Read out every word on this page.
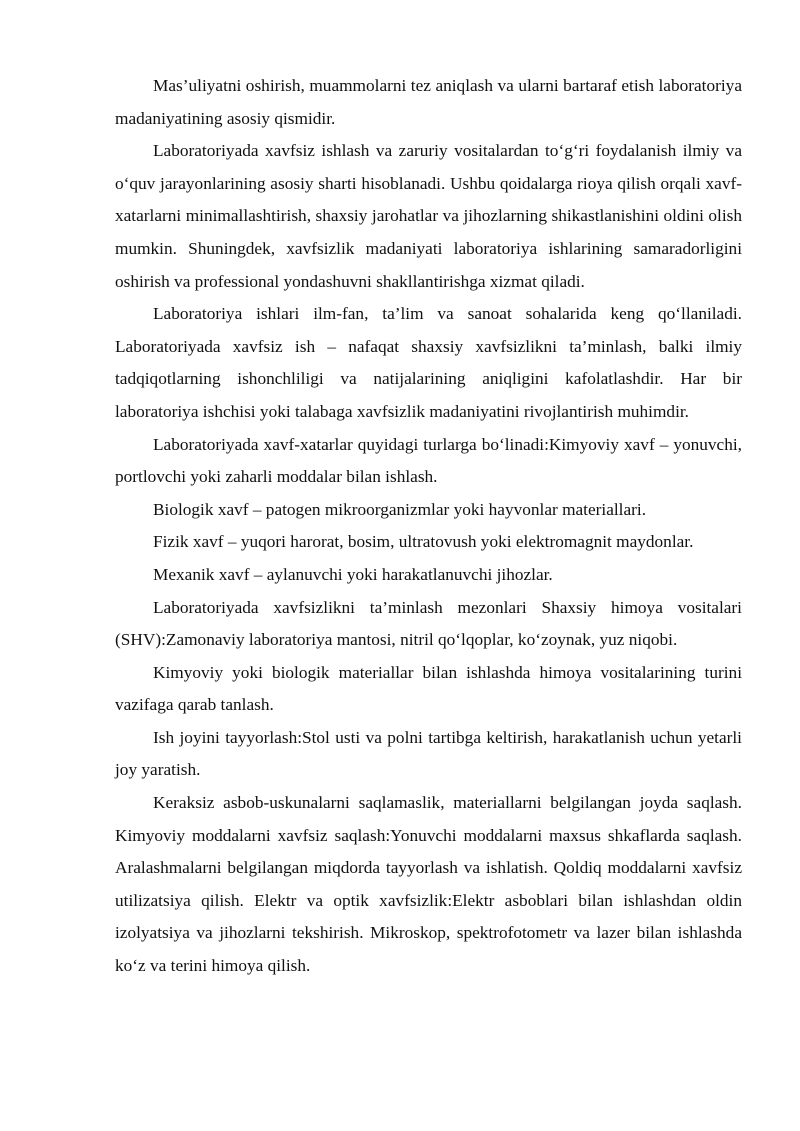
Mas’uliyatni oshirish, muammolarni tez aniqlash va ularni bartaraf etish laboratoriya madaniyatining asosiy qismidir.

Laboratoriyada xavfsiz ishlash va zaruriy vositalardan to‘g‘ri foydalanish ilmiy va o‘quv jarayonlarining asosiy sharti hisoblanadi. Ushbu qoidalarga rioya qilish orqali xavf-xatarlarni minimallashtirish, shaxsiy jarohatlar va jihozlarning shikastlanishini oldini olish mumkin. Shuningdek, xavfsizlik madaniyati laboratoriya ishlarining samaradorligini oshirish va professional yondashuvni shakllantirishga xizmat qiladi.

Laboratoriya ishlari ilm-fan, ta’lim va sanoat sohalarida keng qo‘llaniladi. Laboratoriyada xavfsiz ish – nafaqat shaxsiy xavfsizlikni ta’minlash, balki ilmiy tadqiqotlarning ishonchliligi va natijalarining aniqligini kafolatlashdir. Har bir laboratoriya ishchisi yoki talabaga xavfsizlik madaniyatini rivojlantirish muhimdir.

Laboratoriyada xavf-xatarlar quyidagi turlarga bo‘linadi:Kimyoviy xavf – yonuvchi, portlovchi yoki zaharli moddalar bilan ishlash.

Biologik xavf – patogen mikroorganizmlar yoki hayvonlar materiallari.

Fizik xavf – yuqori harorat, bosim, ultratovush yoki elektromagnit maydonlar.

Mexanik xavf – aylanuvchi yoki harakatlanuvchi jihozlar.

Laboratoriyada xavfsizlikni ta’minlash mezonlari Shaxsiy himoya vositalari (SHV):Zamonaviy laboratoriya mantosi, nitril qo‘lqoplar, ko‘zoynak, yuz niqobi.

Kimyoviy yoki biologik materiallar bilan ishlashda himoya vositalarining turini vazifaga qarab tanlash.

Ish joyini tayyorlash:Stol usti va polni tartibga keltirish, harakatlanish uchun yetarli joy yaratish.

Keraksiz asbob-uskunalarni saqlamaslik, materiallarni belgilangan joyda saqlash. Kimyoviy moddalarni xavfsiz saqlash:Yonuvchi moddalarni maxsus shkaflarda saqlash. Aralashmalarni belgilangan miqdorda tayyorlash va ishlatish. Qoldiq moddalarni xavfsiz utilizatsiya qilish. Elektr va optik xavfsizlik:Elektr asboblari bilan ishlashdan oldin izolyatsiya va jihozlarni tekshirish. Mikroskop, spektrofotometr va lazer bilan ishlashda ko‘z va terini himoya qilish.
